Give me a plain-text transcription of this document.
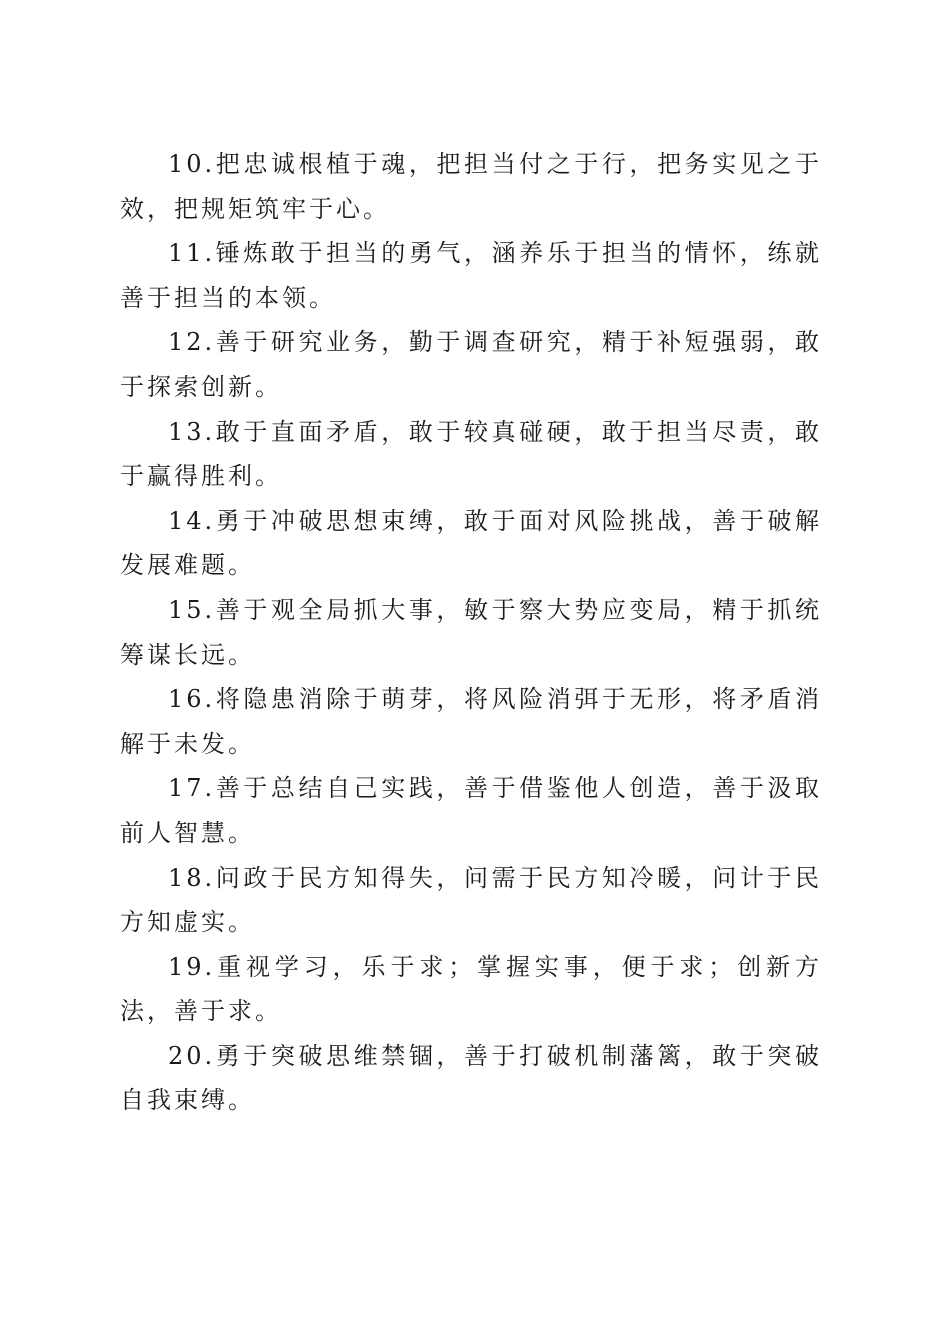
10.把忠诚根植于魂，把担当付之于行，把务实见之于效，把规矩筑牢于心。

11.锤炼敢于担当的勇气，涵养乐于担当的情怀，练就善于担当的本领。

12.善于研究业务，勤于调查研究，精于补短强弱，敢于探索创新。

13.敢于直面矛盾，敢于较真碰硬，敢于担当尽责，敢于赢得胜利。

14.勇于冲破思想束缚，敢于面对风险挑战，善于破解发展难题。

15.善于观全局抓大事，敏于察大势应变局，精于抓统筹谋长远。

16.将隐患消除于萌芽，将风险消弭于无形，将矛盾消解于未发。

17.善于总结自己实践，善于借鉴他人创造，善于汲取前人智慧。

18.问政于民方知得失，问需于民方知冷暖，问计于民方知虚实。

19.重视学习，乐于求；掌握实事，便于求；创新方法，善于求。

20.勇于突破思维禁锢，善于打破机制藩篱，敢于突破自我束缚。
